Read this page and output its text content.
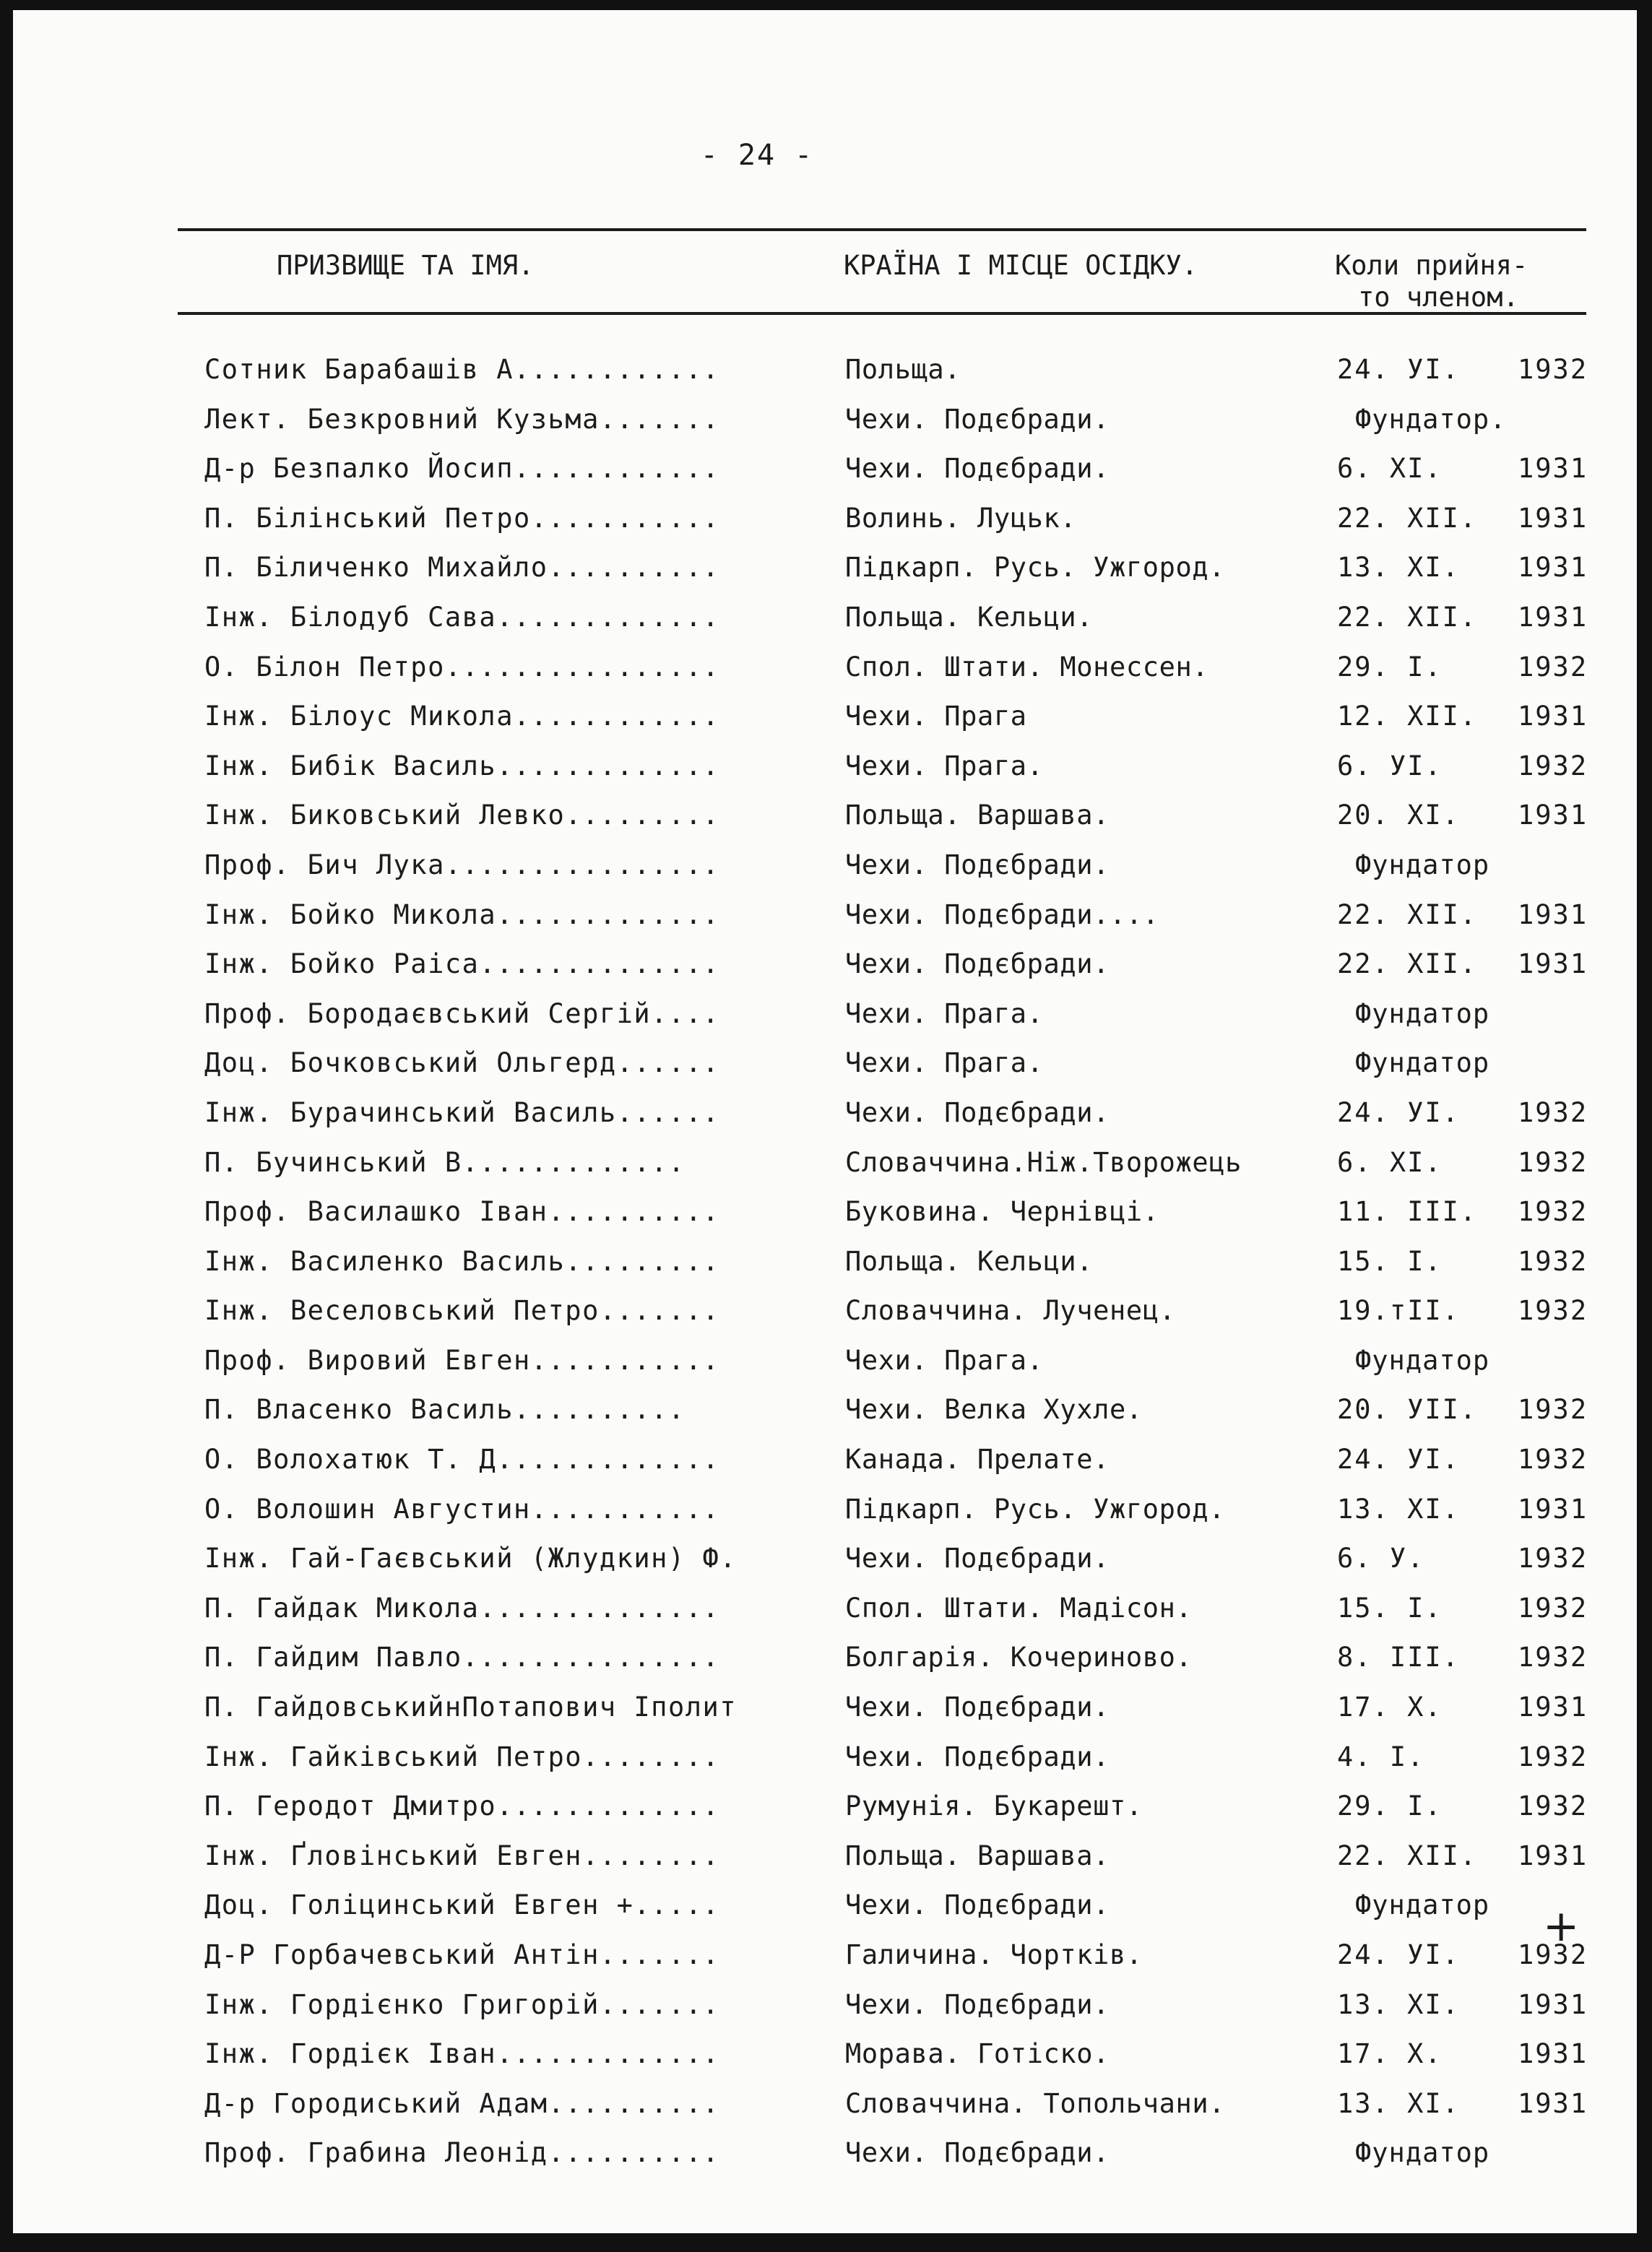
- 24 -
ПРИЗВИЩЕ ТА ІМЯ.	КРАЇНА І МІСЦЕ ОСІДКУ.	Коли прийня-
то членом.
Сотник Барабашів А............	Польща.	24. УІ. 1932
Лект. Безкровний Кузьма.......	Чехи. Подєбради.	Фундатор.
Д-р Безпалко Йосип............	Чехи. Подєбради.	6. ХІ.	1931
П. Білінський Петро...........	Волинь. Луцьк.	22. ХІІ. 1931
П. Біличенко Михайло..........	Підкарп. Русь. Ужгород.	13. ХІ. 1931
Інж. Білодуб Сава.............	Польща. Кельци.	22. ХІІ. 1931
О. Білон Петро................	Спол. Штати. Монессен.	29. І.	1932
Інж. Білоус Микола............	Чехи. Прага	12. ХІІ. 1931
Інж. Бибік Василь.............	Чехи. Прага.	6. УІ.	1932
Інж. Биковський Левко.........	Польща. Варшава.	20. ХІ. 1931
Проф. Бич Лука................	Чехи. Подєбради.	Фундатор
Інж. Бойко Микола.............	Чехи. Подєбради....	22. ХІІ. 1931
Інж. Бойко Раіса..............	Чехи. Подєбради.	22. ХІІ. 1931
Проф. Бородаєвський Сергій....	Чехи. Прага.	Фундатор
Доц. Бочковський Ольгерд......	Чехи. Прага.	Фундатор
Інж. Бурачинський Василь......	Чехи. Подєбради.	24. УІ. 1932
П. Бучинський В.............	Словаччина.Ніж.Творожець	6. ХІ.	1932
Проф. Василашко Іван..........	Буковина. Чернівці.	11. ІІІ. 1932
Інж. Василенко Василь.........	Польща. Кельци.	15. І.	1932
Інж. Веселовський Петро.......	Словаччина. Лученец.	19.тІІ. 1932
Проф. Вировий Евген...........	Чехи. Прага.	Фундатор
П. Власенко Василь..........	Чехи. Велка Хухле.	20. УІІ. 1932
О. Волохатюк Т. Д.............	Канада. Прелате.	24. УІ. 1932
О. Волошин Августин...........	Підкарп. Русь. Ужгород.	13. ХІ. 1931
Інж. Гай-Гаєвський (Жлудкин) Ф.	Чехи. Подєбради.	6. У.	1932
П. Гайдак Микола..............	Спол. Штати. Мадісон.	15. І.	1932
П. Гайдим Павло...............	Болгарія. Кочериново.	8. ІІІ. 1932
П. ГайдовськийнПотапович Іполит	Чехи. Подєбради.	17. Х.	1931
Інж. Гайківський Петро........	Чехи. Подєбради.	4. І.	1932
П. Геродот Дмитро.............	Румунія. Букарешт.	29. І.	1932
Інж. Ґловінський Евген........	Польща. Варшава.	22. ХІІ. 1931
Доц. Голіцинський Евген +.....	Чехи. Подєбради.	Фундатор
Д-Р Горбачевський Антін.......	Галичина. Чортків.	24. УІ. 1932
Інж. Гордієнко Григорій.......	Чехи. Подєбради.	13. ХІ. 1931
Інж. Гордієк Іван.............	Морава. Готіско.	17. Х.	1931
Д-р Городиський Адам..........	Словаччина. Топольчани.	13. ХІ. 1931
Проф. Грабина Леонід..........	Чехи. Подєбради.	Фундатор
+
